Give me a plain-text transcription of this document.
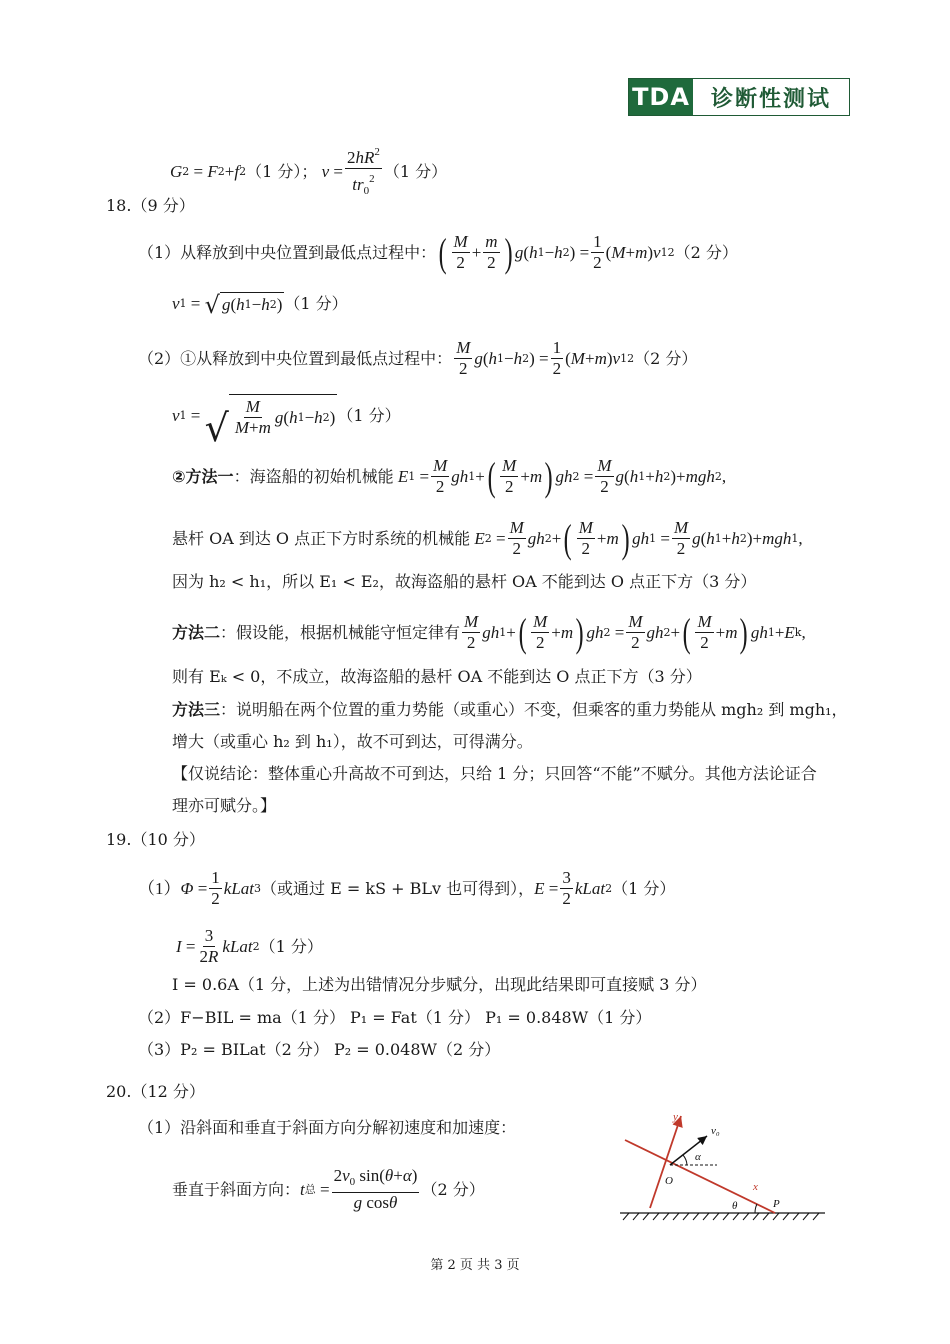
TDA 诊断性测试
G 2 = F 2 + f 2 （1 分）； $v = \frac{2hR^2}{tr_0^2} (1$ 分）
18.（9 分）
（1）从释放到中央位置到最低点过程中： ( $\frac{M}{2} + \frac{m}{2}$ ) g ( h 1 − h 2 ) = $\frac{1}{2}$ ( M + m ) v 1 2 （2 分）
v 1 = √ g ( h 1 − h 2 ) （1 分）
（2）①从释放到中央位置到最低点过程中： $\frac{M}{2}$ g ( h 1 − h 2 ) = $\frac{1}{2}$ ( M + m ) v 1 2 （2 分）
v 1 = √ $\frac{M}{M+m}$ g ( h 1 − h 2 ) （1 分）
②方法一 ：海盗船的初始机械能 E $1 = \frac{M}{2}$ gh 1 + ( $\frac{M}{2} + m$ ) gh $2 = \frac{M}{2}$ g ( h 1 + h 2 )+ mgh 2 ,
悬杆 OA 到达 O 点正下方时系统的机械能 E $2 = \frac{M}{2}$ gh 2 + ( $\frac{M}{2} + m$ ) gh $1 = \frac{M}{2}$ g ( h 1 + h 2 )+ mgh 1 ,
因为 h₂ < h₁，所以 E₁ < E₂，故海盗船的悬杆 OA 不能到达 O 点正下方（3 分）
方法二 ：假设能，根据机械能守恒定律有 $\frac{M}{2}$ gh 1 + ( $\frac{M}{2} + m$ ) gh $2 = \frac{M}{2}$ gh 2 + ( $\frac{M}{2} + m$ ) gh 1 + E k ,
则有 Eₖ < 0，不成立，故海盗船的悬杆 OA 不能到达 O 点正下方（3 分）
方法三 ：说明船在两个位置的重力势能（或重心）不变，但乘客的重力势能从 mgh₂ 到 mgh₁，
增大（或重心 h₂ 到 h₁），故不可到达，可得满分。
【仅说结论：整体重心升高故不可到达，只给 1 分；只回答“不能”不赋分。其他方法论证合
理亦可赋分。】
19.（10 分）
（1） $\Phi = \frac{1}{2}$ kLat 3 （或通过 E = kS + BLv 也可得到）， $E = \frac{3}{2}$ kLat 2 （1 分）
$I = \frac{3}{2R}$ kLat 2 （1 分）
I = 0.6A（1 分，上述为出错情况分步赋分，出现此结果即可直接赋 3 分）
（2）F−BIL = ma（1 分） P₁ = Fat（1 分） P₁ = 0.848W（1 分）
（3）P₂ = BILat（2 分） P₂ = 0.048W（2 分）
20.（12 分）
（1）沿斜面和垂直于斜面方向分解初速度和加速度：
垂直于斜面方向： t 总 = $\frac{2v_0 \sin(\theta+\alpha)}{\text{g cosθ}} (2$ 分）
y
v₀
α
O	x
θ	P
第 2 页 共 3 页
